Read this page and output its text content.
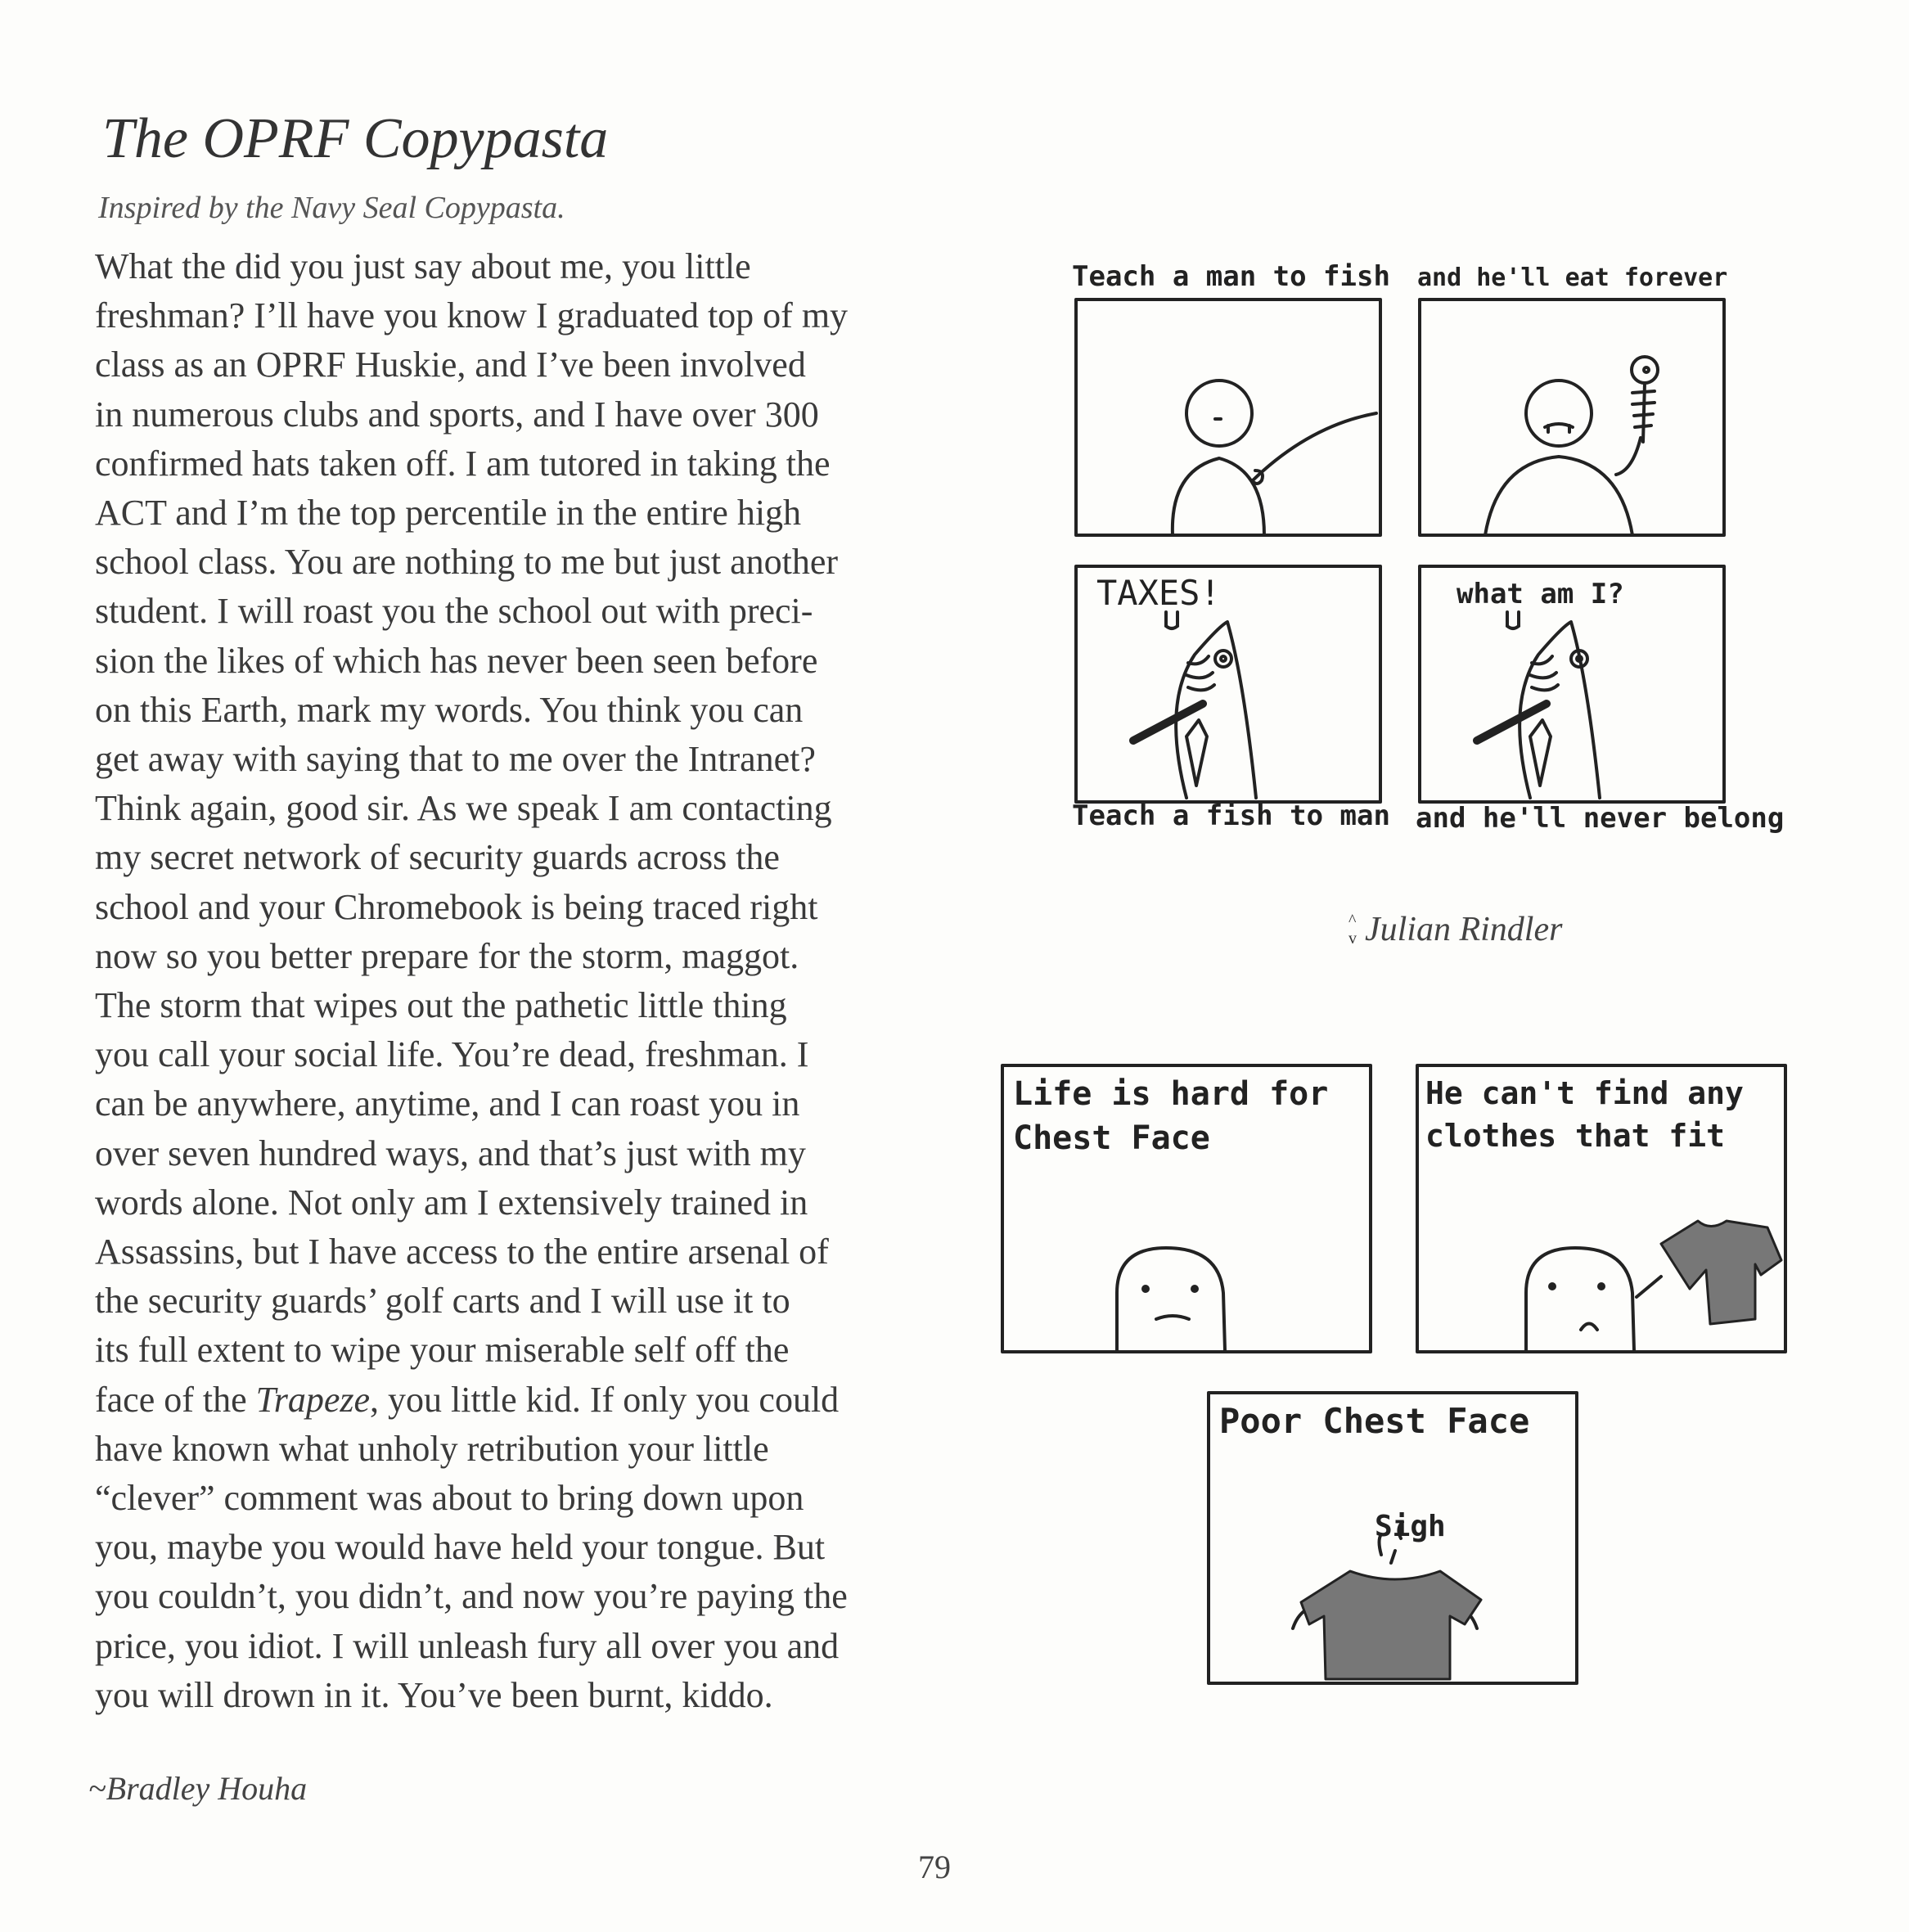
The OPRF Copypasta
Inspired by the Navy Seal Copypasta.
What the did you just say about me, you little
freshman? I’ll have you know I graduated top of my
class as an OPRF Huskie, and I’ve been involved
in numerous clubs and sports, and I have over 300
confirmed hats taken off. I am tutored in taking the
ACT and I’m the top percentile in the entire high
school class. You are nothing to me but just another
student. I will roast you the school out with preci-
sion the likes of which has never been seen before
on this Earth, mark my words. You think you can
get away with saying that to me over the Intranet?
Think again, good sir. As we speak I am contacting
my secret network of security guards across the
school and your Chromebook is being traced right
now so you better prepare for the storm, maggot.
The storm that wipes out the pathetic little thing
you call your social life. You’re dead, freshman. I
can be anywhere, anytime, and I can roast you in
over seven hundred ways, and that’s just with my
words alone. Not only am I extensively trained in
Assassins, but I have access to the entire arsenal of
the security guards’ golf carts and I will use it to
its full extent to wipe your miserable self off the
face of the Trapeze, you little kid. If only you could
have known what unholy retribution your little
“clever” comment was about to bring down upon
you, maybe you would have held your tongue. But
you couldn’t, you didn’t, and now you’re paying the
price, you idiot. I will unleash fury all over you and
you will drown in it. You’ve been burnt, kiddo.
~Bradley Houha
79
Teach a man to fish and he'll eat forever
TAXES!	what am I?
Teach a fish to man and he'll never belong
^
v Julian Rindler
Life is hard for
Chest Face
He can't find any
clothes that fit
Poor Chest Face
Sigh
